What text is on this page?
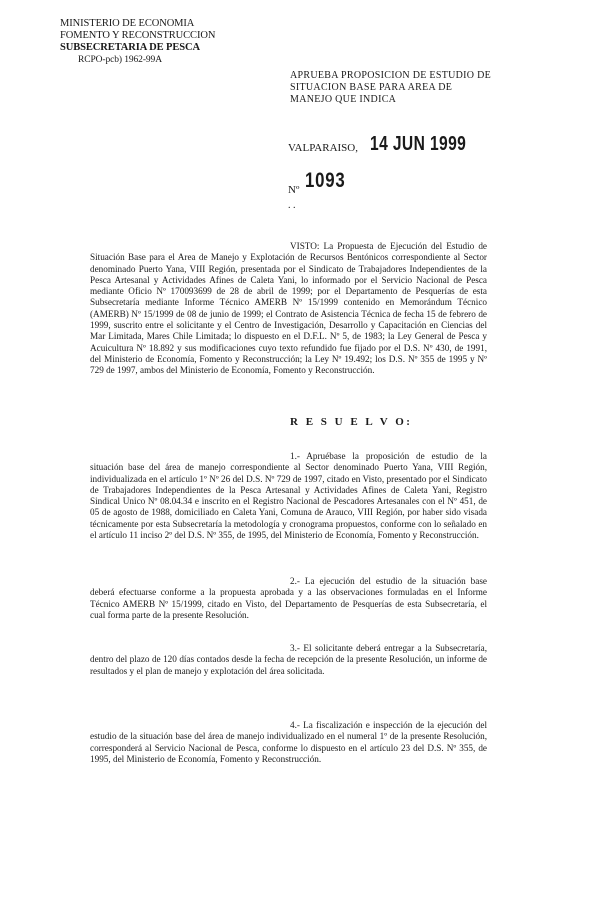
MINISTERIO DE ECONOMIA
FOMENTO Y RECONSTRUCCION
SUBSECRETARIA DE PESCA
RCPO-pcb) 1962-99A
APRUEBA PROPOSICION DE ESTUDIO DE
SITUACION BASE PARA AREA DE
MANEJO QUE INDICA
VALPARAISO, 14 JUN 1999
Nº 1093
. .

VISTO: La Propuesta de Ejecución del Estudio de Situación Base para el Area de Manejo y Explotación de Recursos Bentónicos correspondiente al Sector denominado Puerto Yana, VIII Región, presentada por el Sindicato de Trabajadores Independientes de la Pesca Artesanal y Actividades Afines de Caleta Yani, lo informado por el Servicio Nacional de Pesca mediante Oficio Nº 170093699 de 28 de abril de 1999; por el Departamento de Pesquerías de esta Subsecretaría mediante Informe Técnico AMERB Nº 15/1999 contenido en Memorándum Técnico (AMERB) Nº 15/1999 de 08 de junio de 1999; el Contrato de Asistencia Técnica de fecha 15 de febrero de 1999, suscrito entre el solicitante y el Centro de Investigación, Desarrollo y Capacitación en Ciencias del Mar Limitada, Mares Chile Limitada; lo dispuesto en el D.F.L. Nº 5, de 1983; la Ley General de Pesca y Acuicultura Nº 18.892 y sus modificaciones cuyo texto refundido fue fijado por el D.S. Nº 430, de 1991, del Ministerio de Economía, Fomento y Reconstrucción; la Ley Nº 19.492; los D.S. Nº 355 de 1995 y Nº 729 de 1997, ambos del Ministerio de Economía, Fomento y Reconstrucción.

R E S U E L V O:

1.- Apruébase la proposición de estudio de la situación base del área de manejo correspondiente al Sector denominado Puerto Yana, VIII Región, individualizada en el artículo 1º Nº 26 del D.S. Nº 729 de 1997, citado en Visto, presentado por el Sindicato de Trabajadores Independientes de la Pesca Artesanal y Actividades Afines de Caleta Yani, Registro Sindical Unico Nº 08.04.34 e inscrito en el Registro Nacional de Pescadores Artesanales con el Nº 451, de 05 de agosto de 1988, domiciliado en Caleta Yani, Comuna de Arauco, VIII Región, por haber sido visada técnicamente por esta Subsecretaría la metodología y cronograma propuestos, conforme con lo señalado en el artículo 11 inciso 2º del D.S. Nº 355, de 1995, del Ministerio de Economía, Fomento y Reconstrucción.

2.- La ejecución del estudio de la situación base deberá efectuarse conforme a la propuesta aprobada y a las observaciones formuladas en el Informe Técnico AMERB Nº 15/1999, citado en Visto, del Departamento de Pesquerías de esta Subsecretaría, el cual forma parte de la presente Resolución.

3.- El solicitante deberá entregar a la Subsecretaría, dentro del plazo de 120 días contados desde la fecha de recepción de la presente Resolución, un informe de resultados y el plan de manejo y explotación del área solicitada.

4.- La fiscalización e inspección de la ejecución del estudio de la situación base del área de manejo individualizado en el numeral 1º de la presente Resolución, corresponderá al Servicio Nacional de Pesca, conforme lo dispuesto en el artículo 23 del D.S. Nº 355, de 1995, del Ministerio de Economía, Fomento y Reconstrucción.
